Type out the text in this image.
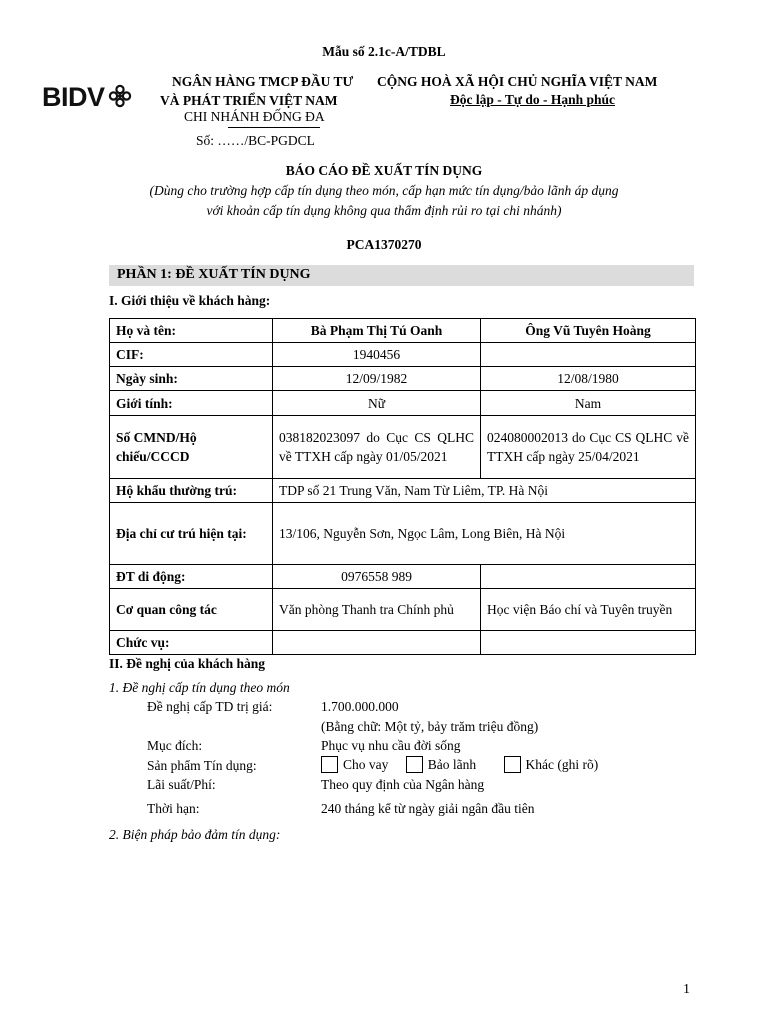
Mẫu số 2.1c-A/TDBL
BIDV	NGÂN HÀNG TMCP ĐẦU TƯ
VÀ PHÁT TRIỂN VIỆT NAM
CHI NHÁNH ĐỐNG ĐA
Số: ……/BC-PGDCL
CỘNG HOÀ XÃ HỘI CHỦ NGHĨA VIỆT NAM
Độc lập - Tự do - Hạnh phúc
BÁO CÁO ĐỀ XUẤT TÍN DỤNG
(Dùng cho trường hợp cấp tín dụng theo món, cấp hạn mức tín dụng/bảo lãnh áp dụng
với khoản cấp tín dụng không qua thẩm định rủi ro tại chi nhánh)
PCA1370270
PHẦN 1: ĐỀ XUẤT TÍN DỤNG
I. Giới thiệu về khách hàng:
Họ và tên:	Bà Phạm Thị Tú Oanh	Ông Vũ Tuyên Hoàng
CIF:	1940456	
Ngày sinh:	12/09/1982	12/08/1980
Giới tính:	Nữ	Nam
Số CMND/Hộ chiếu/CCCD	038182023097 do Cục CS QLHC về TTXH cấp ngày 01/05/2021	024080002013 do Cục CS QLHC về TTXH cấp ngày 25/04/2021
Hộ khẩu thường trú:	TDP số 21 Trung Văn, Nam Từ Liêm, TP. Hà Nội	
Địa chỉ cư trú hiện tại:	13/106, Nguyễn Sơn, Ngọc Lâm, Long Biên, Hà Nội	
ĐT di động:	0976558 989	
Cơ quan công tác	Văn phòng Thanh tra Chính phủ	Học viện Báo chí và Tuyên truyền
Chức vụ:		
II. Đề nghị của khách hàng
1. Đề nghị cấp tín dụng theo món
Đề nghị cấp TD trị giá:	1.700.000.000
(Bằng chữ: Một tỷ, bảy trăm triệu đồng)
Mục đích:	Phục vụ nhu cầu đời sống
Sản phẩm Tín dụng:	Cho vay
	Bảo lãnh
	Khác (ghi rõ)
Lãi suất/Phí:	Theo quy định của Ngân hàng
Thời hạn:	240 tháng kể từ ngày giải ngân đầu tiên
2. Biện pháp bảo đảm tín dụng:
1
